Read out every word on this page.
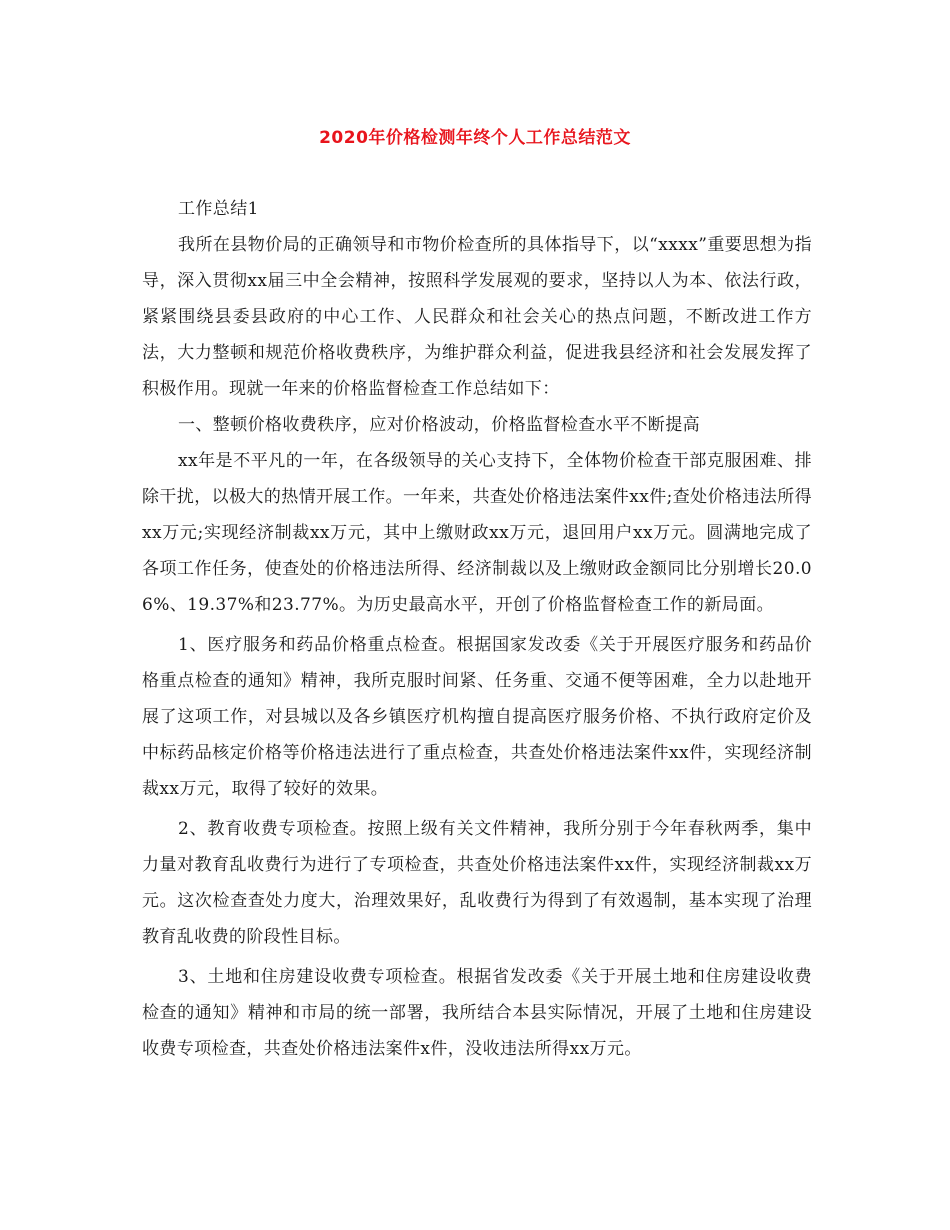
2020年价格检测年终个人工作总结范文

工作总结1

我所在县物价局的正确领导和市物价检查所的具体指导下，以“xxxx”重要思想为指导，深入贯彻xx届三中全会精神，按照科学发展观的要求，坚持以人为本、依法行政，紧紧围绕县委县政府的中心工作、人民群众和社会关心的热点问题，不断改进工作方法，大力整顿和规范价格收费秩序，为维护群众利益，促进我县经济和社会发展发挥了积极作用。现就一年来的价格监督检查工作总结如下：

一、整顿价格收费秩序，应对价格波动，价格监督检查水平不断提高

xx年是不平凡的一年，在各级领导的关心支持下，全体物价检查干部克服困难、排除干扰，以极大的热情开展工作。一年来，共查处价格违法案件xx件;查处价格违法所得xx万元;实现经济制裁xx万元，其中上缴财政xx万元，退回用户xx万元。圆满地完成了各项工作任务，使查处的价格违法所得、经济制裁以及上缴财政金额同比分别增长20.06%、19.37%和23.77%。为历史最高水平，开创了价格监督检查工作的新局面。

1、医疗服务和药品价格重点检查。根据国家发改委《关于开展医疗服务和药品价格重点检查的通知》精神，我所克服时间紧、任务重、交通不便等困难，全力以赴地开展了这项工作，对县城以及各乡镇医疗机构擅自提高医疗服务价格、不执行政府定价及中标药品核定价格等价格违法进行了重点检查，共查处价格违法案件xx件，实现经济制裁xx万元，取得了较好的效果。

2、教育收费专项检查。按照上级有关文件精神，我所分别于今年春秋两季，集中力量对教育乱收费行为进行了专项检查，共查处价格违法案件xx件，实现经济制裁xx万元。这次检查查处力度大，治理效果好，乱收费行为得到了有效遏制，基本实现了治理教育乱收费的阶段性目标。

3、土地和住房建设收费专项检查。根据省发改委《关于开展土地和住房建设收费检查的通知》精神和市局的统一部署，我所结合本县实际情况，开展了土地和住房建设收费专项检查，共查处价格违法案件x件，没收违法所得xx万元。
